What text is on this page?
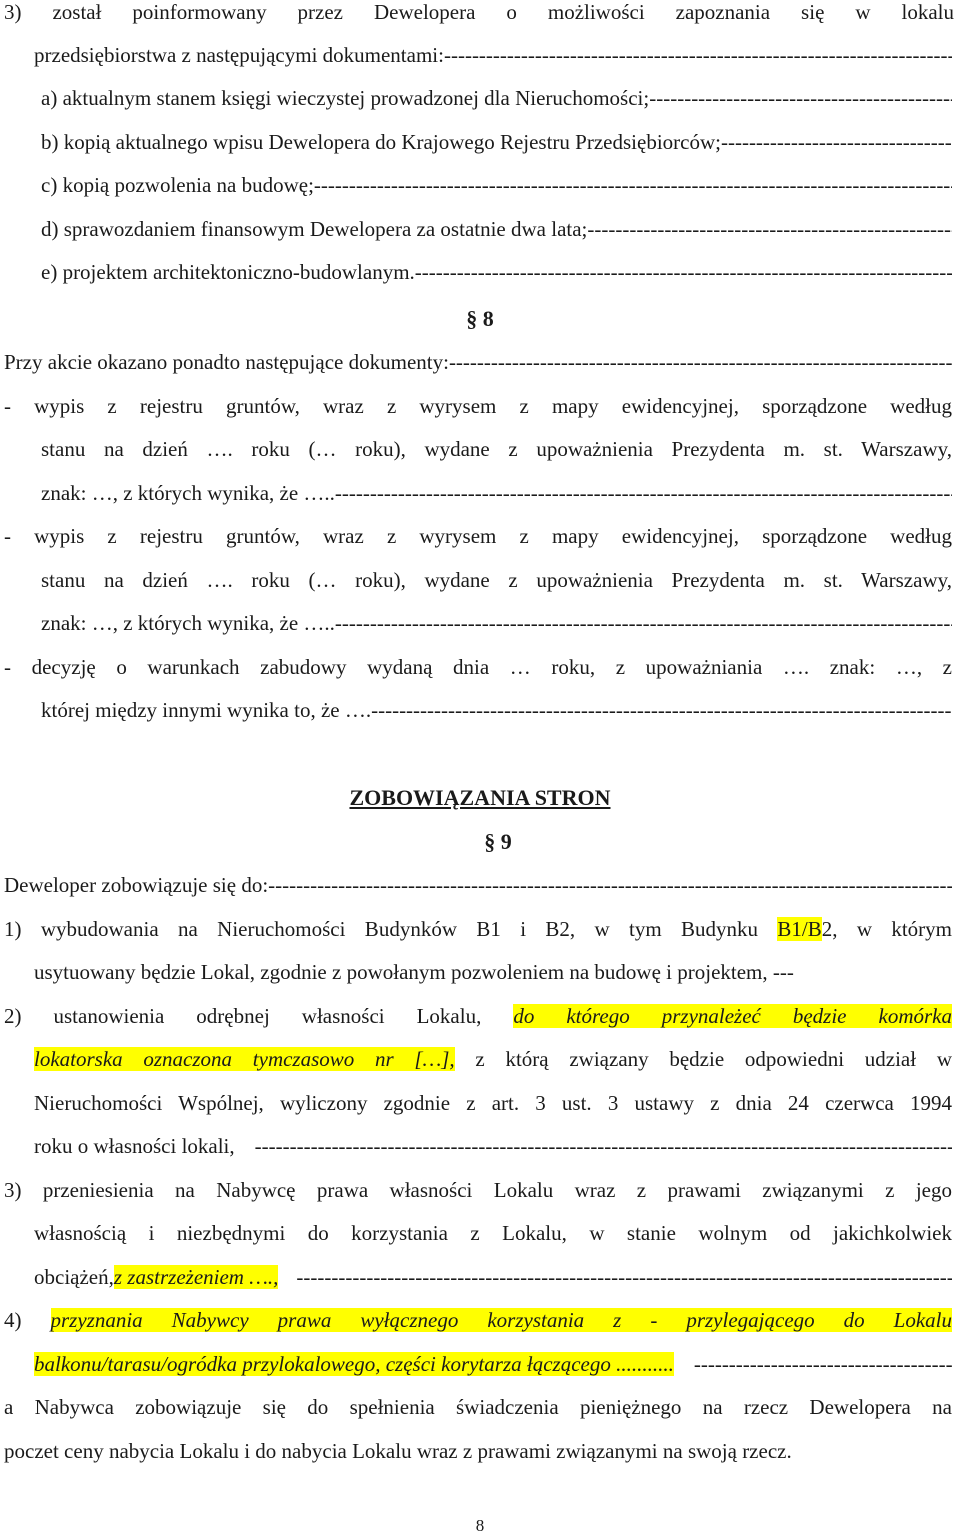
3) został poinformowany przez Dewelopera o możliwości zapoznania się w lokalu
przedsiębiorstwa z następującymi dokumentami:
-----
a) aktualnym stanem księgi wieczystej prowadzonej dla Nieruchomości;
-----
b) kopią aktualnego wpisu Dewelopera do Krajowego Rejestru Przedsiębiorców;
-----
c) kopią pozwolenia na budowę;
-----
d) sprawozdaniem finansowym Dewelopera za ostatnie dwa lata;
-----
e) projektem architektoniczno-budowlanym.
-----
§ 8
Przy akcie okazano ponadto następujące dokumenty:
-----
- wypis z rejestru gruntów, wraz z wyrysem z mapy ewidencyjnej, sporządzone według
stanu na dzień …. roku (… roku), wydane z upoważnienia Prezydenta m. st. Warszawy,
znak: …, z których wynika, że …..
-----
- wypis z rejestru gruntów, wraz z wyrysem z mapy ewidencyjnej, sporządzone według
stanu na dzień …. roku (… roku), wydane z upoważnienia Prezydenta m. st. Warszawy,
znak: …, z których wynika, że …..
-----
- decyzję o warunkach zabudowy wydaną dnia … roku, z upoważniania …. znak: …, z
której między innymi wynika to, że ….
-----
ZOBOWIĄZANIA STRON
§ 9
Deweloper zobowiązuje się do:
-----
1) wybudowania na Nieruchomości Budynków B1 i B2, w tym Budynku B1/B2, w którym
usytuowany będzie Lokal, zgodnie z powołanym pozwoleniem na budowę i projektem, ---
2) ustanowienia odrębnej własności Lokalu, do którego przynależeć będzie komórka
lokatorska oznaczona tymczasowo nr […], z którą związany będzie odpowiedni udział w
Nieruchomości Wspólnej, wyliczony zgodnie z art. 3 ust. 3 ustawy z dnia 24 czerwca 1994
roku o własności lokali,
-----
3) przeniesienia na Nabywcę prawa własności Lokalu wraz z prawami związanymi z jego
własnością i niezbędnymi do korzystania z Lokalu, w stanie wolnym od jakichkolwiek
obciążeń, z zastrzeżeniem ….,
-----
4) przyznania Nabywcy prawa wyłącznego korzystania z - przylegającego do Lokalu
balkonu/tarasu/ogródka przylokalowego, części korytarza łączącego ...........
-----
a Nabywca zobowiązuje się do spełnienia świadczenia pieniężnego na rzecz Dewelopera na
poczet ceny nabycia Lokalu i do nabycia Lokalu wraz z prawami związanymi na swoją rzecz.
8
